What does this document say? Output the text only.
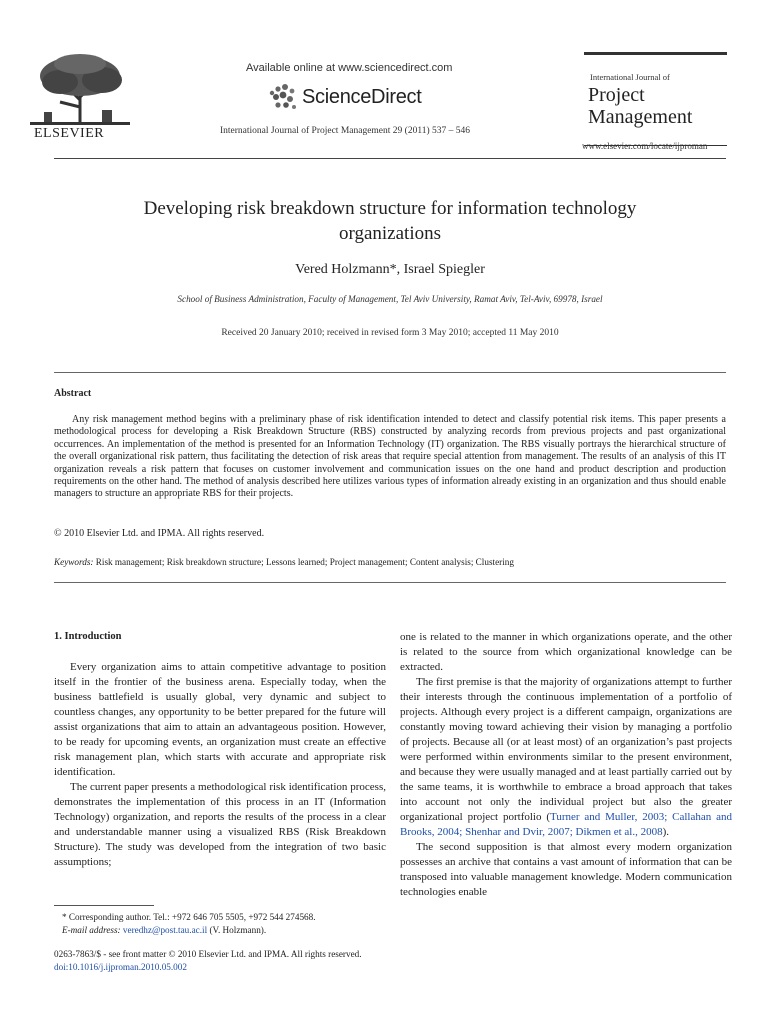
ELSEVIER
Available online at www.sciencedirect.com
ScienceDirect
International Journal of Project Management 29 (2011) 537 – 546
International Journal of
Project
Management
www.elsevier.com/locate/ijproman
Developing risk breakdown structure for information technology
organizations
Vered Holzmann*, Israel Spiegler
School of Business Administration, Faculty of Management, Tel Aviv University, Ramat Aviv, Tel-Aviv, 69978, Israel
Received 20 January 2010; received in revised form 3 May 2010; accepted 11 May 2010
Abstract

Any risk management method begins with a preliminary phase of risk identification intended to detect and classify potential risk items. This paper presents a methodological process for developing a Risk Breakdown Structure (RBS) constructed by analyzing records from previous projects and past organizational occurrences. An implementation of the method is presented for an Information Technology (IT) organization. The RBS visually portrays the hierarchical structure of the overall organizational risk pattern, thus facilitating the detection of risk areas that require special attention from management. The results of an analysis of this IT organization reveals a risk pattern that focuses on customer involvement and communication issues on the one hand and product description and production requirements on the other hand. The method of analysis described here utilizes various types of information already existing in an organization and thus should enable managers to structure an appropriate RBS for their projects.

© 2010 Elsevier Ltd. and IPMA. All rights reserved.
Keywords: Risk management; Risk breakdown structure; Lessons learned; Project management; Content analysis; Clustering
1. Introduction

Every organization aims to attain competitive advantage to position itself in the frontier of the business arena. Especially today, when the business battlefield is usually global, very dynamic and subject to countless changes, any opportunity to be better prepared for the future will assist organizations that aim to attain an advantageous position. However, to be ready for upcoming events, an organization must create an effective risk management plan, which starts with accurate and appropriate risk identification.

The current paper presents a methodological risk identification process, demonstrates the implementation of this process in an IT (Information Technology) organization, and reports the results of the process in a clear and understandable manner using a visualized RBS (Risk Breakdown Structure). The study was developed from the integration of two basic assumptions;

one is related to the manner in which organizations operate, and the other is related to the source from which organizational knowledge can be extracted.

The first premise is that the majority of organizations attempt to further their interests through the continuous implementation of a portfolio of projects. Although every project is a different campaign, organizations are constantly moving toward achieving their vision by managing a portfolio of projects. Because all (or at least most) of an organization’s past projects were performed within environments similar to the present environment, and because they were usually managed and at least partially carried out by the same teams, it is worthwhile to embrace a broad approach that takes into account not only the individual project but also the greater organizational project portfolio (Turner and Muller, 2003; Callahan and Brooks, 2004; Shenhar and Dvir, 2007; Dikmen et al., 2008).

The second supposition is that almost every modern organization possesses an archive that contains a vast amount of information that can be transposed into valuable management knowledge. Modern communication technologies enable

* Corresponding author. Tel.: +972 646 705 5505, +972 544 274568.
E-mail address: veredhz@post.tau.ac.il (V. Holzmann).
0263-7863/$ - see front matter © 2010 Elsevier Ltd. and IPMA. All rights reserved.
doi:10.1016/j.ijproman.2010.05.002
